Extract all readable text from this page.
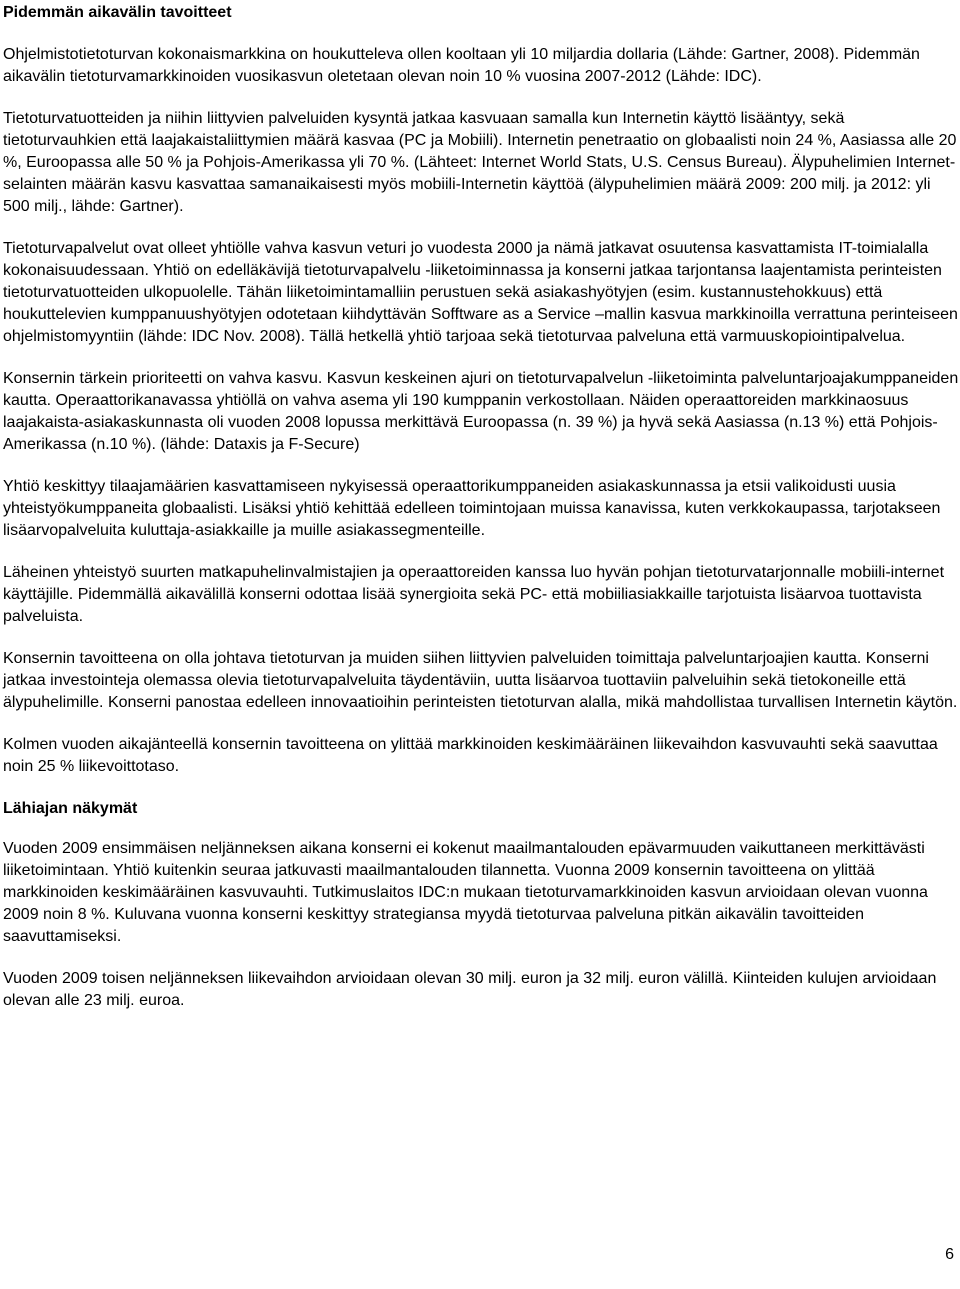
Pidemmän aikavälin tavoitteet

Ohjelmistotietoturvan kokonaismarkkina on houkutteleva ollen kooltaan yli 10 miljardia dollaria (Lähde: Gartner, 2008). Pidemmän aikavälin tietoturvamarkkinoiden vuosikasvun oletetaan olevan noin 10 % vuosina 2007-2012 (Lähde: IDC).

Tietoturvatuotteiden ja niihin liittyvien palveluiden kysyntä jatkaa kasvuaan samalla kun Internetin käyttö lisääntyy, sekä tietoturvauhkien että laajakaistaliittymien määrä kasvaa (PC ja Mobiili). Internetin penetraatio on globaalisti noin 24 %, Aasiassa alle 20 %, Euroopassa alle 50 % ja Pohjois-Amerikassa yli 70 %. (Lähteet: Internet World Stats, U.S. Census Bureau). Älypuhelimien Internet-selainten määrän kasvu kasvattaa samanaikaisesti myös mobiili-Internetin käyttöä (älypuhelimien määrä 2009: 200 milj. ja 2012: yli 500 milj., lähde: Gartner).

Tietoturvapalvelut ovat olleet yhtiölle vahva kasvun veturi jo vuodesta 2000 ja nämä jatkavat osuutensa kasvattamista IT-toimialalla kokonaisuudessaan. Yhtiö on edelläkävijä tietoturvapalvelu -liiketoiminnassa ja konserni jatkaa tarjontansa laajentamista perinteisten tietoturvatuotteiden ulkopuolelle. Tähän liiketoimintamalliin perustuen sekä asiakashyötyjen (esim. kustannustehokkuus) että houkuttelevien kumppanuushyötyjen odotetaan kiihdyttävän Sofftware as a Service –mallin kasvua markkinoilla verrattuna perinteiseen ohjelmistomyyntiin (lähde: IDC Nov. 2008). Tällä hetkellä yhtiö tarjoaa sekä tietoturvaa palveluna että varmuuskopiointipalvelua.

Konsernin tärkein prioriteetti on vahva kasvu. Kasvun keskeinen ajuri on tietoturvapalvelun -liiketoiminta palveluntarjoajakumppaneiden kautta. Operaattorikanavassa yhtiöllä on vahva asema yli 190 kumppanin verkostollaan. Näiden operaattoreiden markkinaosuus laajakaista-asiakaskunnasta oli vuoden 2008 lopussa merkittävä Euroopassa (n. 39 %) ja hyvä sekä Aasiassa (n.13 %) että Pohjois-Amerikassa (n.10 %). (lähde: Dataxis ja F-Secure)

Yhtiö keskittyy tilaajamäärien kasvattamiseen nykyisessä operaattorikumppaneiden asiakaskunnassa ja etsii valikoidusti uusia yhteistyökumppaneita globaalisti. Lisäksi yhtiö kehittää edelleen toimintojaan muissa kanavissa, kuten verkkokaupassa, tarjotakseen lisäarvopalveluita kuluttaja-asiakkaille ja muille asiakassegmenteille.

Läheinen yhteistyö suurten matkapuhelinvalmistajien ja operaattoreiden kanssa luo hyvän pohjan tietoturvatarjonnalle mobiili-internet käyttäjille. Pidemmällä aikavälillä konserni odottaa lisää synergioita sekä PC- että mobiiliasiakkaille tarjotuista lisäarvoa tuottavista palveluista.

Konsernin tavoitteena on olla johtava tietoturvan ja muiden siihen liittyvien palveluiden toimittaja palveluntarjoajien kautta. Konserni jatkaa investointeja olemassa olevia tietoturvapalveluita täydentäviin, uutta lisäarvoa tuottaviin palveluihin sekä tietokoneille että älypuhelimille. Konserni panostaa edelleen innovaatioihin perinteisten tietoturvan alalla, mikä mahdollistaa turvallisen Internetin käytön.

Kolmen vuoden aikajänteellä konsernin tavoitteena on ylittää markkinoiden keskimääräinen liikevaihdon kasvuvauhti sekä saavuttaa noin 25 % liikevoittotaso.

Lähiajan näkymät

Vuoden 2009 ensimmäisen neljänneksen aikana konserni ei kokenut maailmantalouden epävarmuuden vaikuttaneen merkittävästi liiketoimintaan. Yhtiö kuitenkin seuraa jatkuvasti maailmantalouden tilannetta. Vuonna 2009 konsernin tavoitteena on ylittää markkinoiden keskimääräinen kasvuvauhti. Tutkimuslaitos IDC:n mukaan tietoturvamarkkinoiden kasvun arvioidaan olevan vuonna 2009 noin 8 %. Kuluvana vuonna konserni keskittyy strategiansa myydä tietoturvaa palveluna pitkän aikavälin tavoitteiden saavuttamiseksi.

Vuoden 2009 toisen neljänneksen liikevaihdon arvioidaan olevan 30 milj. euron ja 32 milj. euron välillä. Kiinteiden kulujen arvioidaan olevan alle 23 milj. euroa.

6
